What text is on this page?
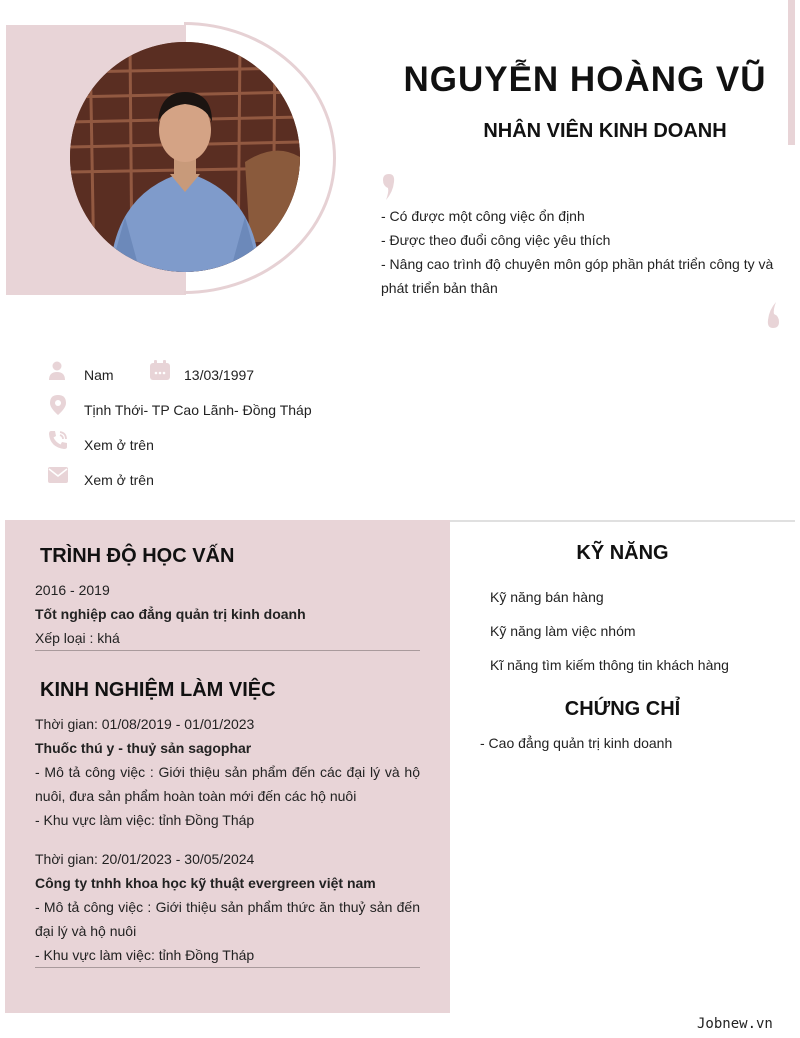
NGUYỄN HOÀNG VŨ
NHÂN VIÊN KINH DOANH
- Có được một công việc ổn định
- Được theo đuổi công việc yêu thích
- Nâng cao trình độ chuyên môn góp phần phát triển công ty và phát triển bản thân
Nam	13/03/1997
Tịnh Thới- TP Cao Lãnh- Đồng Tháp
Xem ở trên
Xem ở trên
TRÌNH ĐỘ HỌC VẤN
2016 - 2019
Tốt nghiệp cao đẳng quản trị kinh doanh
Xếp loại : khá
KINH NGHIỆM LÀM VIỆC
Thời gian: 01/08/2019 - 01/01/2023
Thuốc thú y - thuỷ sản sagophar
- Mô tả công việc : Giới thiệu sản phẩm đến các đại lý và hộ nuôi, đưa sản phẩm hoàn toàn mới đến các hộ nuôi
- Khu vực làm việc: tỉnh Đồng Tháp
Thời gian: 20/01/2023 - 30/05/2024
Công ty tnhh khoa học kỹ thuật evergreen việt nam
- Mô tả công việc : Giới thiệu sản phẩm thức ăn thuỷ sản đến đại lý và hộ nuôi
- Khu vực làm việc: tỉnh Đồng Tháp
KỸ NĂNG
Kỹ năng bán hàng
Kỹ năng làm việc nhóm
Kĩ năng tìm kiếm thông tin khách hàng
CHỨNG CHỈ
- Cao đẳng quản trị kinh doanh
Jobnew.vn
